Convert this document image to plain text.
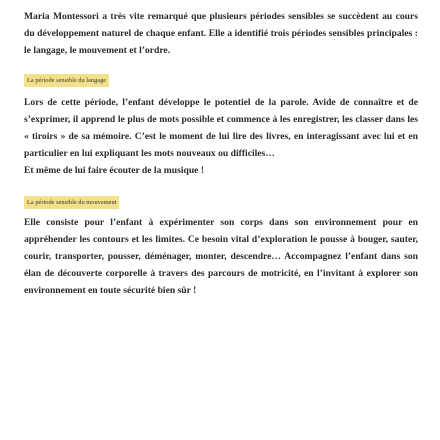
Maria Montessori a très vite remarqué que plusieurs périodes sensibles se succèdent au cours du développement naturel de chaque enfant. Elle a identifié trois périodes sensibles principales : le langage, le mouvement et l’ordre.

La période sensible du langage

Lors de cette période, l’enfant développe le potentiel de la parole. Avide de connaître et de s’exprimer, il apprend le plus de mots possible et commence à les enregistrer, les classer dans les « tiroirs » de sa mémoire. C’est le moment de lui lire des livres, en interagissant avec lui et en particulier en lui expliquant les mots nouveaux ou difficiles…
Et même de lui faire écouter de la musique !

La période sensible du mouvement

Elle consiste pour l’enfant à expérimenter son corps dans son environnement pour en appréhender les contours et les limites. Ce besoin vital d’exploration le pousse à bouger, sauter, courir, transporter, pousser, déménager, monter, descendre… Accompagnez l’enfant dans son élan de découverte corporelle à travers des parcours de motricité, en l’invitant à explorer son environnement en toute sécurité bien sûr !
